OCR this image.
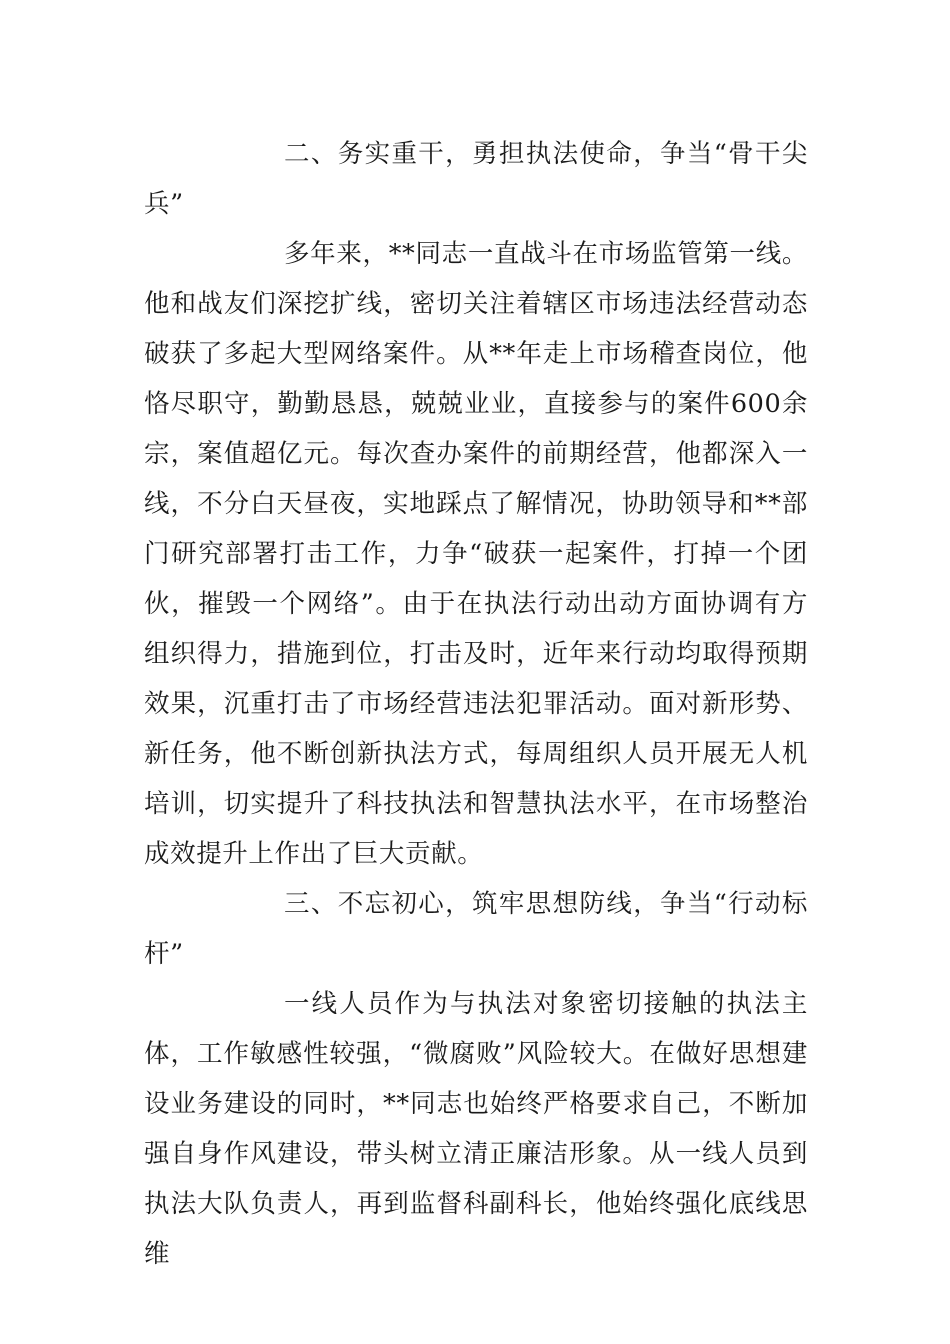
二、务实重干，勇担执法使命，争当“骨干尖兵”

多年来，**同志一直战斗在市场监管第一线。他和战友们深挖扩线，密切关注着辖区市场违法经营动态破获了多起大型网络案件。从**年走上市场稽查岗位，他恪尽职守，勤勤恳恳，兢兢业业，直接参与的案件600余宗，案值超亿元。每次查办案件的前期经营，他都深入一线，不分白天昼夜，实地踩点了解情况，协助领导和**部门研究部署打击工作，力争“破获一起案件，打掉一个团伙，摧毁一个网络”。由于在执法行动出动方面协调有方组织得力，措施到位，打击及时，近年来行动均取得预期效果，沉重打击了市场经营违法犯罪活动。面对新形势、新任务，他不断创新执法方式，每周组织人员开展无人机培训，切实提升了科技执法和智慧执法水平，在市场整治成效提升上作出了巨大贡献。

三、不忘初心，筑牢思想防线，争当“行动标杆”

一线人员作为与执法对象密切接触的执法主体，工作敏感性较强，“微腐败”风险较大。在做好思想建设业务建设的同时，**同志也始终严格要求自己，不断加强自身作风建设，带头树立清正廉洁形象。从一线人员到执法大队负责人，再到监督科副科长，他始终强化底线思维
